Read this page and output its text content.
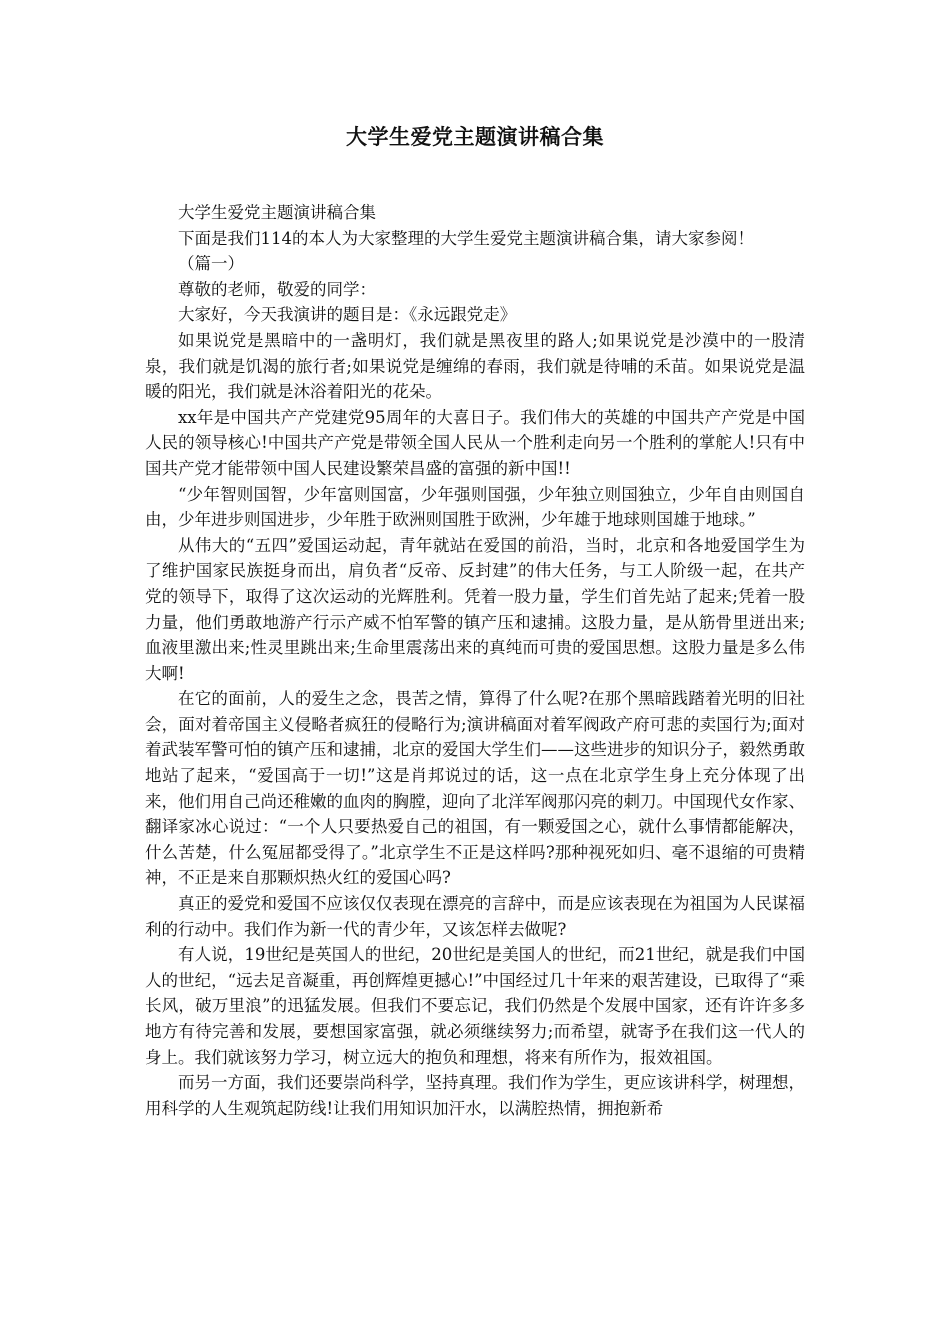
大学生爱党主题演讲稿合集

大学生爱党主题演讲稿合集

下面是我们114的本人为大家整理的大学生爱党主题演讲稿合集，请大家参阅！

（篇一）

尊敬的老师，敬爱的同学：

大家好，今天我演讲的题目是：《永远跟党走》

如果说党是黑暗中的一盏明灯，我们就是黑夜里的路人;如果说党是沙漠中的一股清泉，我们就是饥渴的旅行者;如果说党是缠绵的春雨，我们就是待哺的禾苗。如果说党是温暖的阳光，我们就是沐浴着阳光的花朵。

xx年是中国共产产党建党95周年的大喜日子。我们伟大的英雄的中国共产产党是中国人民的领导核心!中国共产产党是带领全国人民从一个胜利走向另一个胜利的掌舵人!只有中国共产党才能带领中国人民建设繁荣昌盛的富强的新中国!!

“少年智则国智，少年富则国富，少年强则国强，少年独立则国独立，少年自由则国自由，少年进步则国进步，少年胜于欧洲则国胜于欧洲，少年雄于地球则国雄于地球。”

从伟大的“五四”爱国运动起，青年就站在爱国的前沿，当时，北京和各地爱国学生为了维护国家民族挺身而出，肩负者“反帝、反封建”的伟大任务，与工人阶级一起，在共产党的领导下，取得了这次运动的光辉胜利。凭着一股力量，学生们首先站了起来;凭着一股力量，他们勇敢地游产行示产威不怕军警的镇产压和逮捕。这股力量，是从筋骨里迸出来;血液里激出来;性灵里跳出来;生命里震荡出来的真纯而可贵的爱国思想。这股力量是多么伟大啊!

在它的面前，人的爱生之念，畏苦之情，算得了什么呢?在那个黑暗践踏着光明的旧社会，面对着帝国主义侵略者疯狂的侵略行为;演讲稿面对着军阀政产府可悲的卖国行为;面对着武装军警可怕的镇产压和逮捕，北京的爱国大学生们——这些进步的知识分子，毅然勇敢地站了起来，“爱国高于一切!”这是肖邦说过的话，这一点在北京学生身上充分体现了出来，他们用自己尚还稚嫩的血肉的胸膛，迎向了北洋军阀那闪亮的刺刀。中国现代女作家、翻译家冰心说过：“一个人只要热爱自己的祖国，有一颗爱国之心，就什么事情都能解决，什么苦楚，什么冤屈都受得了。”北京学生不正是这样吗?那种视死如归、毫不退缩的可贵精神，不正是来自那颗炽热火红的爱国心吗?

真正的爱党和爱国不应该仅仅表现在漂亮的言辞中，而是应该表现在为祖国为人民谋福利的行动中。我们作为新一代的青少年，又该怎样去做呢?

有人说，19世纪是英国人的世纪，20世纪是美国人的世纪，而21世纪，就是我们中国人的世纪，“远去足音凝重，再创辉煌更撼心!”中国经过几十年来的艰苦建设，已取得了“乘长风，破万里浪”的迅猛发展。但我们不要忘记，我们仍然是个发展中国家，还有许许多多地方有待完善和发展，要想国家富强，就必须继续努力;而希望，就寄予在我们这一代人的身上。我们就该努力学习，树立远大的抱负和理想，将来有所作为，报效祖国。

而另一方面，我们还要崇尚科学，坚持真理。我们作为学生，更应该讲科学，树理想，用科学的人生观筑起防线!让我们用知识加汗水，以满腔热情，拥抱新希
